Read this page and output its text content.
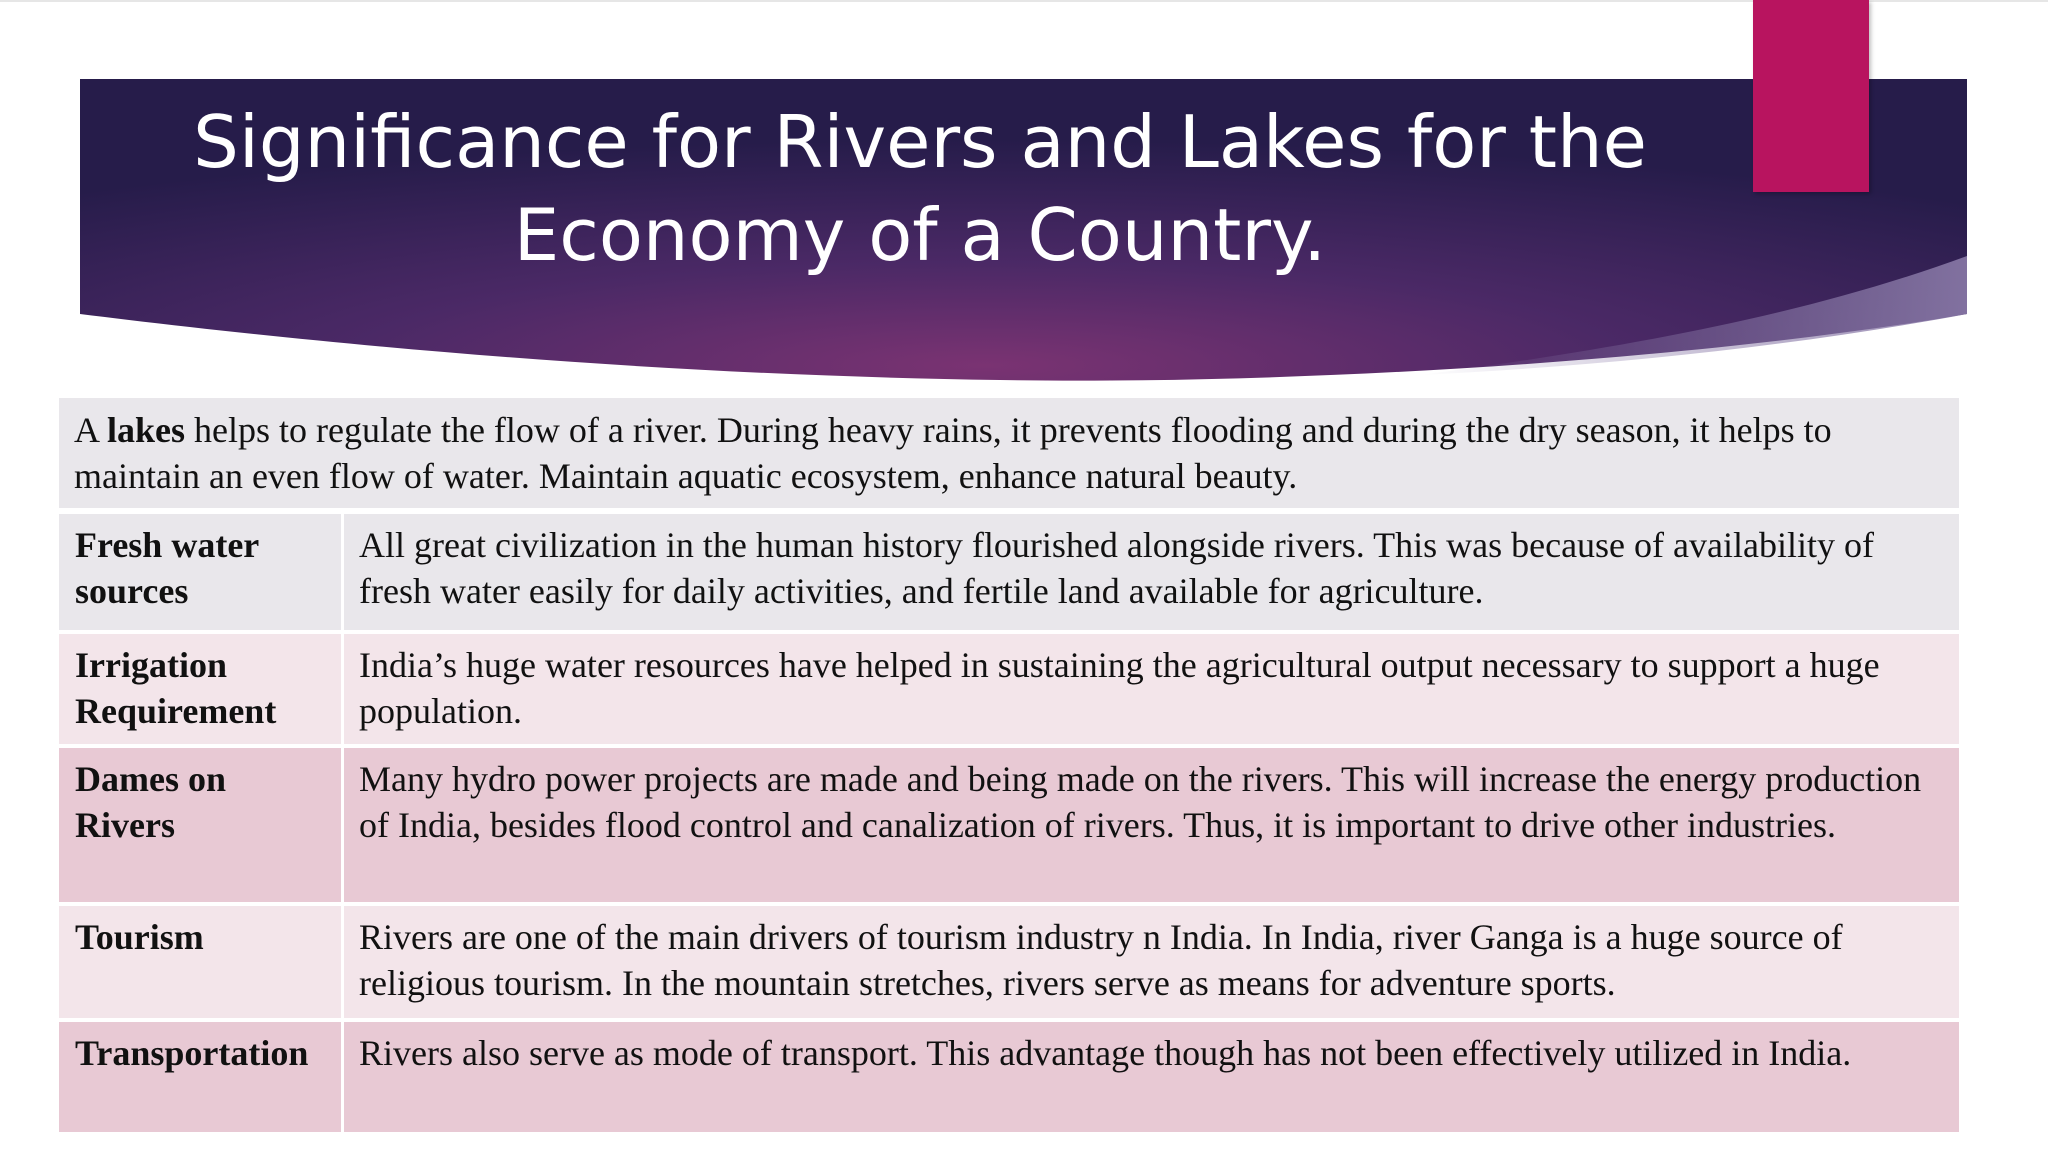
Significance for Rivers and Lakes for the
Economy of a Country.
A lakes helps to regulate the flow of a river. During heavy rains, it prevents flooding and during the dry season, it helps to maintain an even flow of water. Maintain aquatic ecosystem, enhance natural beauty.
Fresh water sources
All great civilization in the human history flourished alongside rivers. This was because of availability of fresh water easily for daily activities, and fertile land available for agriculture.
Irrigation Requirement
India’s huge water resources have helped in sustaining the agricultural output necessary to support a huge population.
Dames on Rivers
Many hydro power projects are made and being made on the rivers. This will increase the energy production of India, besides flood control and canalization of rivers. Thus, it is important to drive other industries.
Tourism	Rivers are one of the main drivers of tourism industry n India. In India, river Ganga is a huge source of religious tourism. In the mountain stretches, rivers serve as means for adventure sports.
Transportation	Rivers also serve as mode of transport. This advantage though has not been effectively utilized in India.
